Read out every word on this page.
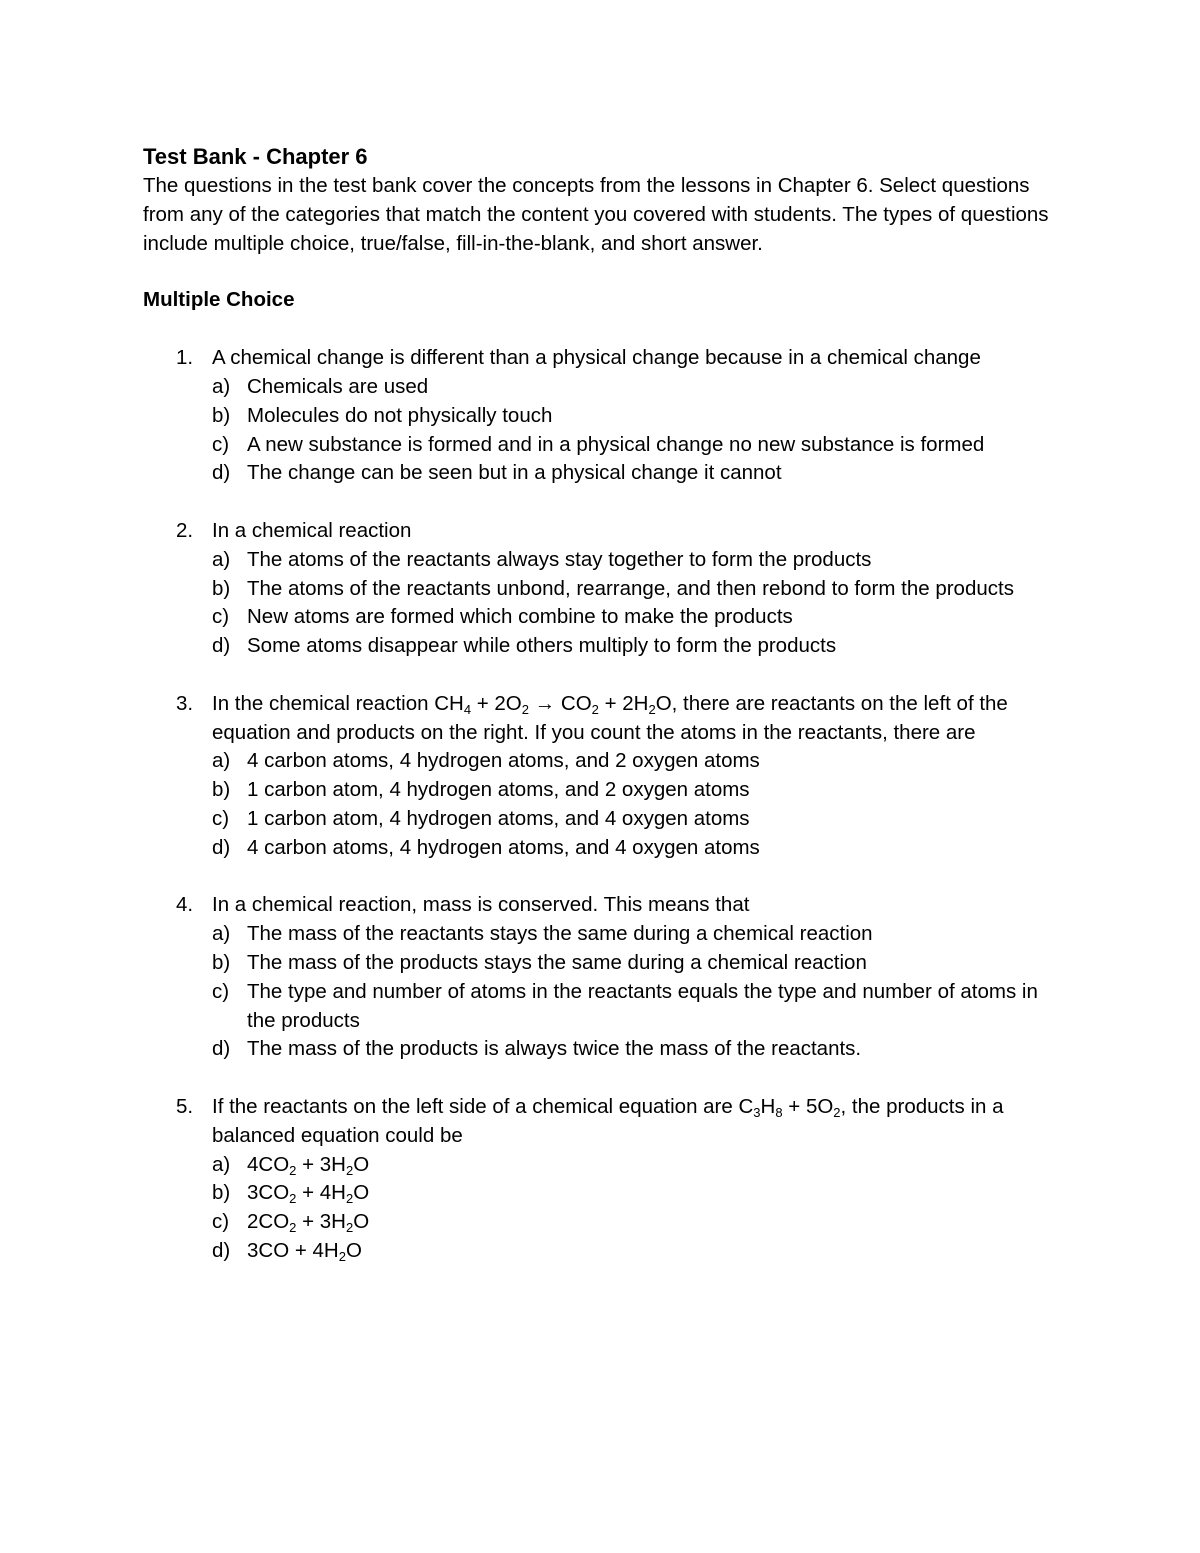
Test Bank - Chapter 6

The questions in the test bank cover the concepts from the lessons in Chapter 6. Select questions from any of the categories that match the content you covered with students. The types of questions include multiple choice, true/false, fill-in-the-blank, and short answer.

Multiple Choice
1. A chemical change is different than a physical change because in a chemical change
a) Chemicals are used
b) Molecules do not physically touch
c) A new substance is formed and in a physical change no new substance is formed
d) The change can be seen but in a physical change it cannot
2. In a chemical reaction
a) The atoms of the reactants always stay together to form the products
b) The atoms of the reactants unbond, rearrange, and then rebond to form the products
c) New atoms are formed which combine to make the products
d) Some atoms disappear while others multiply to form the products
3. In the chemical reaction $CH_4 + 2O_2 \to CO_2 + 2H_2O$, there are reactants on the left of the equation and products on the right. If you count the atoms in the reactants, there are
a) 4 carbon atoms, 4 hydrogen atoms, and 2 oxygen atoms
b) 1 carbon atom, 4 hydrogen atoms, and 2 oxygen atoms
c) 1 carbon atom, 4 hydrogen atoms, and 4 oxygen atoms
d) 4 carbon atoms, 4 hydrogen atoms, and 4 oxygen atoms
4. In a chemical reaction, mass is conserved. This means that
a) The mass of the reactants stays the same during a chemical reaction
b) The mass of the products stays the same during a chemical reaction
c) The type and number of atoms in the reactants equals the type and number of atoms in the products
d) The mass of the products is always twice the mass of the reactants.
5. If the reactants on the left side of a chemical equation are $C_3H_8 + 5O_2$, the products in a balanced equation could be
a) $4CO_2 + 3H_2O$
b) $3CO_2 + 4H_2O$
c) $2CO_2 + 3H_2O$
d) $3CO + 4H_2O$
